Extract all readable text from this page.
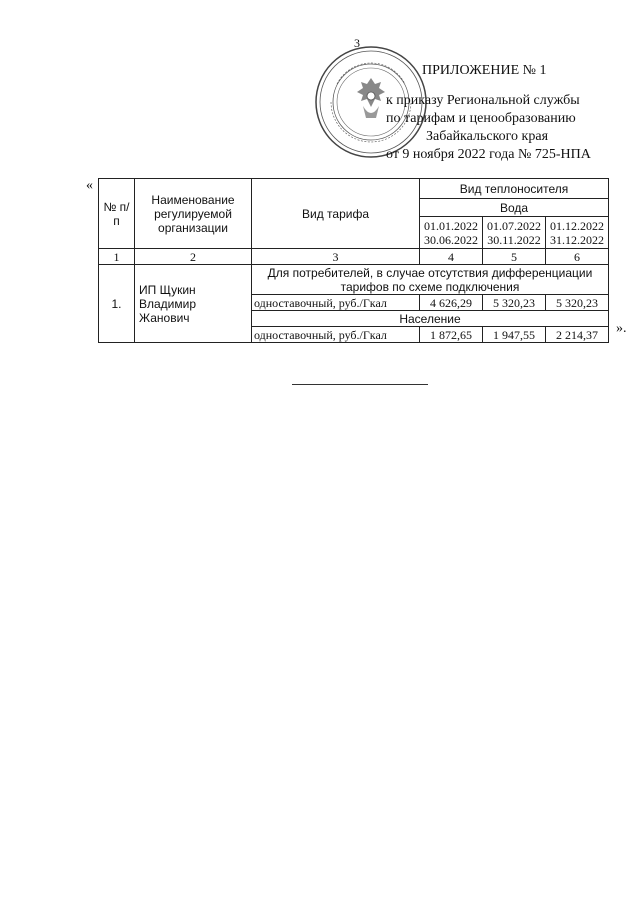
3
ПРИЛОЖЕНИЕ № 1
к приказу Региональной службы
по тарифам и ценообразованию
Забайкальского края
от 9 ноября 2022 года № 725-НПА
«
№ п/п	Наименование регулируемой организации	Вид тарифа	Вид теплоносителя		
			Вода		
			01.01.2022 30.06.2022	01.07.2022 30.11.2022	01.12.2022 31.12.2022
1	2	3	4	5	6
1.	ИП Щукин Владимир Жанович	Для потребителей, в случае отсутствия дифференциации тарифов по схеме подключения			
		одноставочный, руб./Гкал	4 626,29	5 320,23	5 320,23
		Население			
		одноставочный, руб./Гкал	1 872,65	1 947,55	2 214,37 ».
